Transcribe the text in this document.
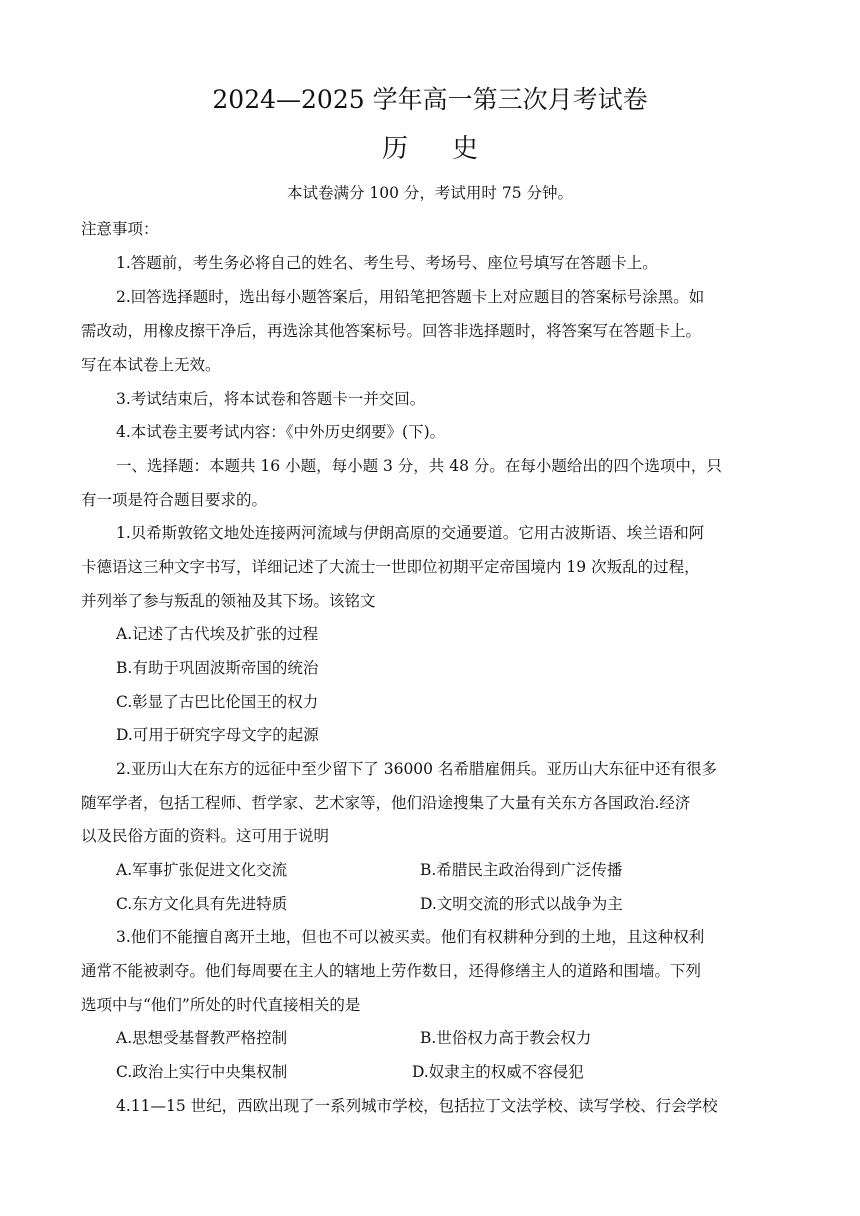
2024—2025 学年高一第三次月考试卷
历史
本试卷满分 100 分，考试用时 75 分钟。
注意事项：
1.答题前，考生务必将自己的姓名、考生号、考场号、座位号填写在答题卡上。
2.回答选择题时，选出每小题答案后，用铅笔把答题卡上对应题目的答案标号涂黑。如
需改动，用橡皮擦干净后，再选涂其他答案标号。回答非选择题时，将答案写在答题卡上。
写在本试卷上无效。
3.考试结束后，将本试卷和答题卡一并交回。
4.本试卷主要考试内容：《中外历史纲要》(下)。
一、选择题：本题共 16 小题，每小题 3 分，共 48 分。在每小题给出的四个选项中，只
有一项是符合题目要求的。
1.贝希斯敦铭文地处连接两河流域与伊朗高原的交通要道。它用古波斯语、埃兰语和阿
卡德语这三种文字书写，详细记述了大流士一世即位初期平定帝国境内 19 次叛乱的过程，
并列举了参与叛乱的领袖及其下场。该铭文
A.记述了古代埃及扩张的过程
B.有助于巩固波斯帝国的统治
C.彰显了古巴比伦国王的权力
D.可用于研究字母文字的起源
2.亚历山大在东方的远征中至少留下了 36000 名希腊雇佣兵。亚历山大东征中还有很多
随军学者，包括工程师、哲学家、艺术家等，他们沿途搜集了大量有关东方各国政治.经济
以及民俗方面的资料。这可用于说明
A.军事扩张促进文化交流	B.希腊民主政治得到广泛传播
C.东方文化具有先进特质	D.文明交流的形式以战争为主
3.他们不能擅自离开土地，但也不可以被买卖。他们有权耕种分到的土地，且这种权利
通常不能被剥夺。他们每周要在主人的辖地上劳作数日，还得修缮主人的道路和围墙。下列
选项中与“他们”所处的时代直接相关的是
A.思想受基督教严格控制	B.世俗权力高于教会权力
C.政治上实行中央集权制	D.奴隶主的权威不容侵犯
4.11—15 世纪，西欧出现了一系列城市学校，包括拉丁文法学校、读写学校、行会学校
